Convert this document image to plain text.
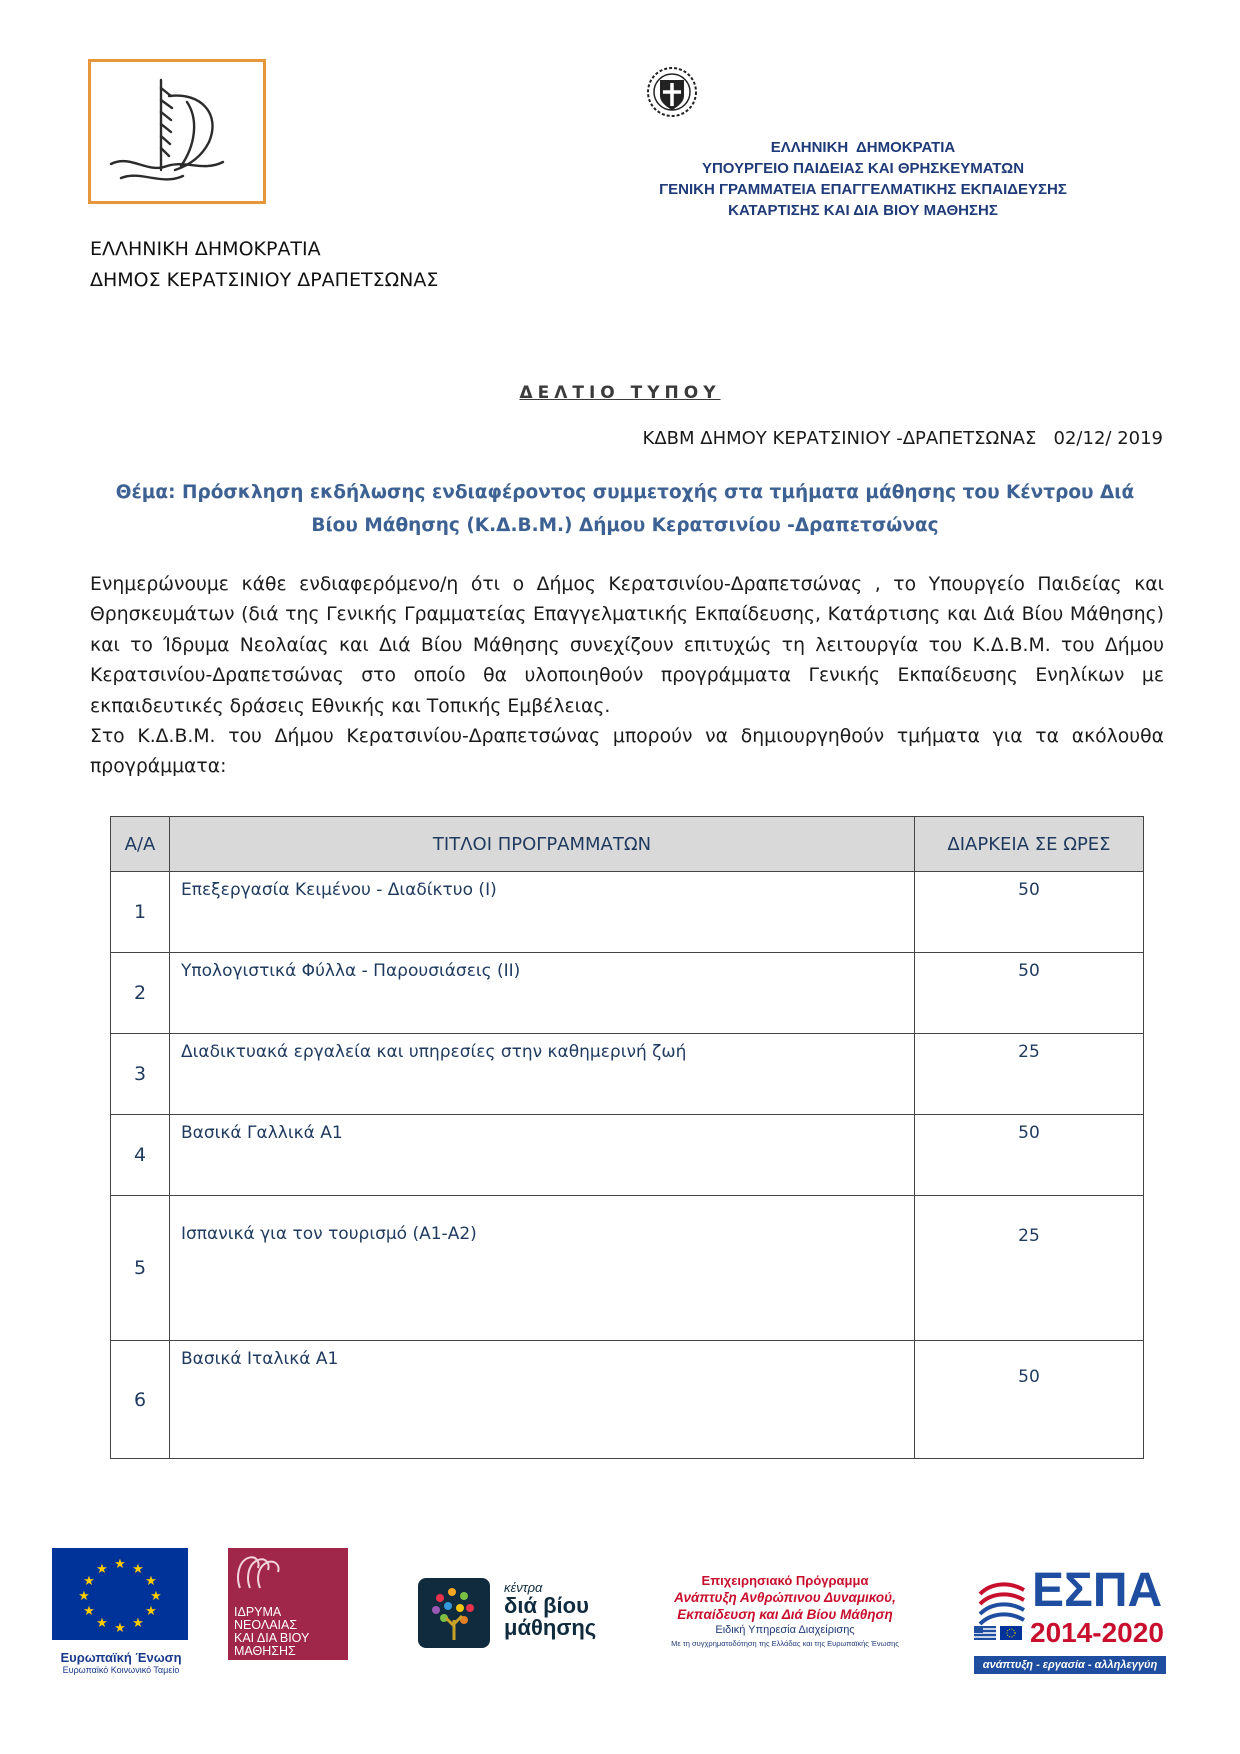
ΕΛΛΗΝΙΚΗ ΔΗΜΟΚΡΑΤΙΑ
ΔΗΜΟΣ ΚΕΡΑΤΣΙΝΙΟΥ ΔΡΑΠΕΤΣΩΝΑΣ
ΕΛΛΗΝΙΚΗ  ΔΗΜΟΚΡΑΤΙΑ
ΥΠΟΥΡΓΕΙΟ ΠΑΙΔΕΙΑΣ ΚΑΙ ΘΡΗΣΚΕΥΜΑΤΩΝ
ΓΕΝΙΚΗ ΓΡΑΜΜΑΤΕΙΑ ΕΠΑΓΓΕΛΜΑΤΙΚΗΣ ΕΚΠΑΙΔΕΥΣΗΣ
ΚΑΤΑΡΤΙΣΗΣ ΚΑΙ ΔΙΑ ΒΙΟΥ ΜΑΘΗΣΗΣ
ΔΕΛΤΙΟ ΤΥΠΟΥ
ΚΔΒΜ ΔΗΜΟΥ ΚΕΡΑΤΣΙΝΙΟΥ -ΔΡΑΠΕΤΣΩΝΑΣ   02/12/ 2019
Θέμα: Πρόσκληση εκδήλωσης ενδιαφέροντος συμμετοχής στα τμήματα μάθησης του Κέντρου Διά
Βίου Μάθησης (Κ.Δ.Β.Μ.) Δήμου Κερατσινίου -Δραπετσώνας

Ενημερώνουμε κάθε ενδιαφερόμενο/η ότι ο Δήμος Κερατσινίου-Δραπετσώνας , το Υπουργείο Παιδείας και Θρησκευμάτων (διά της Γενικής Γραμματείας Επαγγελματικής Εκπαίδευσης, Κατάρτισης και Διά Βίου Μάθησης) και το Ίδρυμα Νεολαίας και Διά Βίου Μάθησης συνεχίζουν επιτυχώς τη λειτουργία του Κ.Δ.Β.Μ. του Δήμου Κερατσινίου-Δραπετσώνας στο οποίο θα υλοποιηθούν προγράμματα Γενικής Εκπαίδευσης Ενηλίκων με εκπαιδευτικές δράσεις Εθνικής και Τοπικής Εμβέλειας.

Στο Κ.Δ.Β.Μ. του Δήμου Κερατσινίου-Δραπετσώνας μπορούν να δημιουργηθούν τμήματα για τα ακόλουθα προγράμματα:

Α/Α	ΤΙΤΛΟΙ ΠΡΟΓΡΑΜΜΑΤΩΝ	ΔΙΑΡΚΕΙΑ ΣΕ ΩΡΕΣ
1	Επεξεργασία Κειμένου - Διαδίκτυο (Ι)	50
2	Υπολογιστικά Φύλλα - Παρουσιάσεις (ΙΙ)	50
3	Διαδικτυακά εργαλεία και υπηρεσίες στην καθημερινή ζωή	25
4	Βασικά Γαλλικά Α1	50
5	Ισπανικά για τον τουρισμό (Α1-Α2)	25
6	Βασικά Ιταλικά Α1	50
★ ★
★
★
★
★
★
★
★
★
★
★
Ευρωπαϊκή Ένωση
Ευρωπαϊκό Κοινωνικό Ταμείο
ΙΔΡΥΜΑ
ΝΕΟΛΑΙΑΣ
ΚΑΙ ΔΙΑ ΒΙΟΥ
ΜΑΘΗΣΗΣ
κέντρα
διά βίου
μάθησης
Επιχειρησιακό Πρόγραμμα
Ανάπτυξη Ανθρώπινου Δυναμικού,
Εκπαίδευση και Διά Βίου Μάθηση
Ειδική Υπηρεσία Διαχείρισης
Με τη συγχρηματοδότηση της Ελλάδας και της Ευρωπαϊκής Ένωσης
ΕΣΠΑ
2014-2020
ανάπτυξη - εργασία - αλληλεγγύη
